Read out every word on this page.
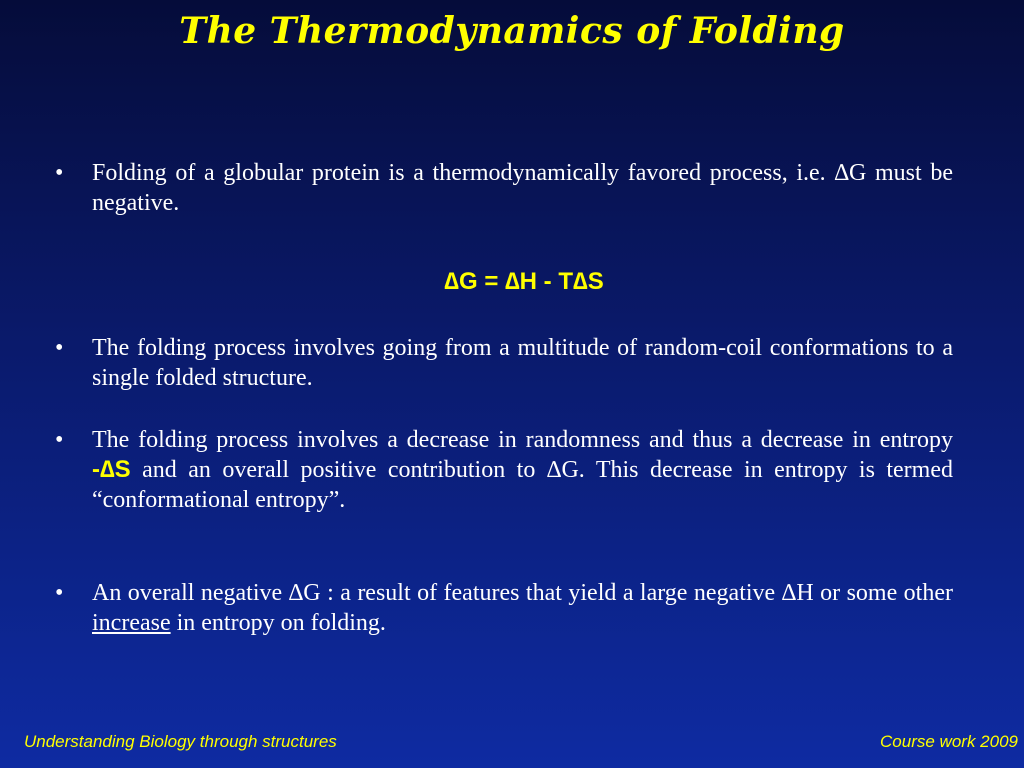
The Thermodynamics of Folding
•	Folding of a globular protein is a thermodynamically favored process, i.e. ∆G must be negative.
•	The folding process involves going from a multitude of random-coil conformations to a single folded structure.
•	The folding process involves a decrease in randomness and thus a decrease in entropy -∆S and an overall positive contribution to ∆G. This decrease in entropy is termed “conformational entropy”.
•	An overall negative ∆G : a result of features that yield a large negative ∆H or some other increase in entropy on folding.
∆G = ∆H - T∆S
Understanding Biology through structures	Course work 2009
